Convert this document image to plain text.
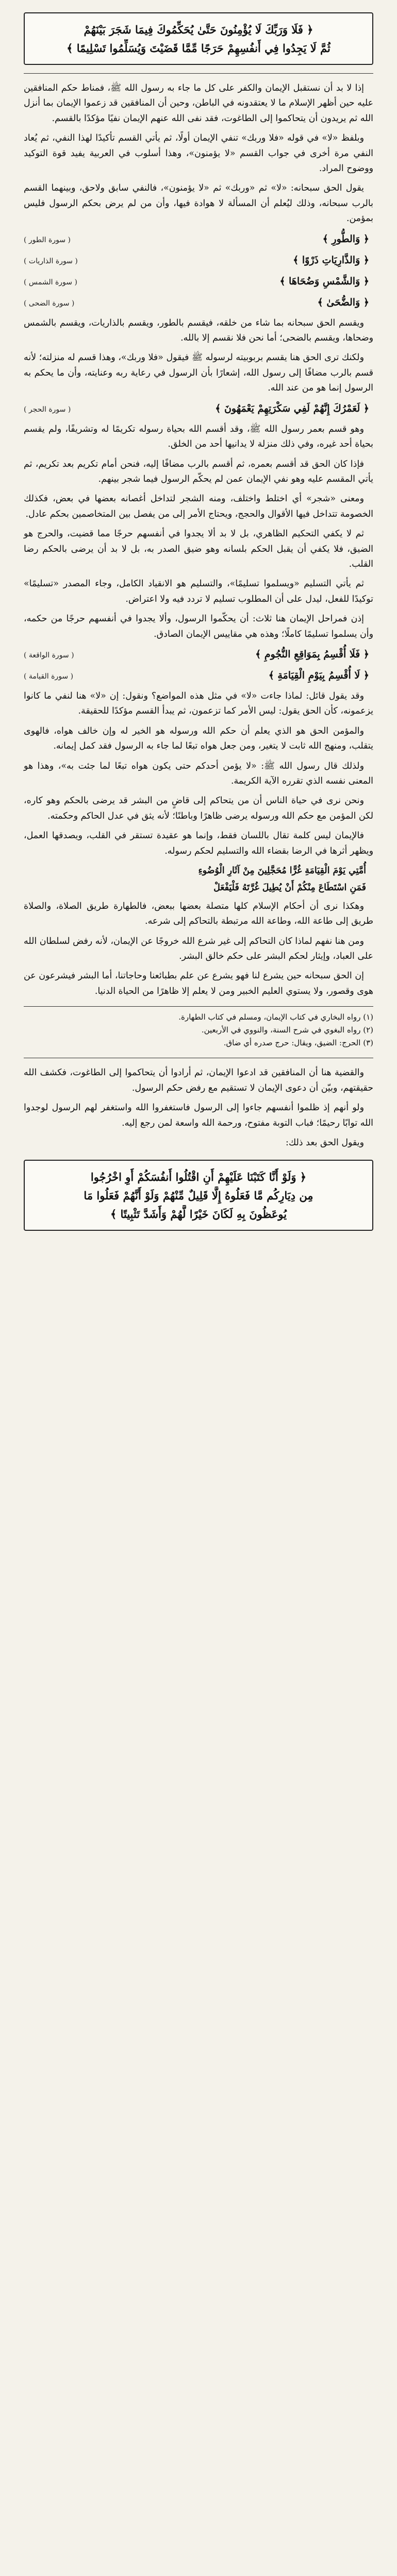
﴿ فَلَا وَرَبِّكَ لَا يُؤْمِنُونَ حَتَّىٰ يُحَكِّمُوكَ فِيمَا شَجَرَ بَيْنَهُمْ
ثُمَّ لَا يَجِدُوا فِي أَنفُسِهِمْ حَرَجًا مِّمَّا قَضَيْتَ وَيُسَلِّمُوا تَسْلِيمًا ﴾

إذا لا بد أن نستقبل الإيمان والكفر على كل ما جاء به رسول الله ﷺ، فمناط حكم المنافقين عليه حين أظهر الإسلام ما لا يعتقدونه في الباطن، وحين أن المنافقين قد زعموا الإيمان بما أنزل الله ثم يريدون أن يتحاكموا إلى الطاغوت، فقد نفى الله عنهم الإيمان نفيًا مؤكدًا بالقسم.

وبلفظ «لا» في قوله «فلا وربك» تنفي الإيمان أولًا، ثم يأتي القسم تأكيدًا لهذا النفي، ثم يُعاد النفي مرة أخرى في جواب القسم «لا يؤمنون»، وهذا أسلوب في العربية يفيد قوة التوكيد ووضوح المراد.

يقول الحق سبحانه: «لا» ثم «وربك» ثم «لا يؤمنون»، فالنفي سابق ولاحق، وبينهما القسم بالرب سبحانه، وذلك ليُعلم أن المسألة لا هوادة فيها، وأن من لم يرض بحكم الرسول فليس بمؤمن.

﴿ وَالطُّورِ ﴾
( سورة الطور )
﴿ وَالذَّارِيَاتِ ذَرْوًا ﴾
( سورة الذاريات )
﴿ وَالشَّمْسِ وَضُحَاهَا ﴾
( سورة الشمس )
﴿ وَالضُّحَىٰ ﴾
( سورة الضحى )

ويقسم الحق سبحانه بما شاء من خلقه، فيقسم بالطور، ويقسم بالذاريات، ويقسم بالشمس وضحاها، ويقسم بالضحى؛ أما نحن فلا نقسم إلا بالله.

ولكنك ترى الحق هنا يقسم بربوبيته لرسوله ﷺ فيقول «فلا وربك»، وهذا قسم له منزلته؛ لأنه قسم بالرب مضافًا إلى رسول الله، إشعارًا بأن الرسول في رعاية ربه وعنايته، وأن ما يحكم به الرسول إنما هو من عند الله.

﴿ لَعَمْرُكَ إِنَّهُمْ لَفِي سَكْرَتِهِمْ يَعْمَهُونَ ﴾
( سورة الحجر )

وهو قسم بعمر رسول الله ﷺ، وقد أقسم الله بحياة رسوله تكريمًا له وتشريفًا، ولم يقسم بحياة أحد غيره، وفي ذلك منزلة لا يدانيها أحد من الخلق.

فإذا كان الحق قد أقسم بعمره، ثم أقسم بالرب مضافًا إليه، فنحن أمام تكريم بعد تكريم، ثم يأتي المقسم عليه وهو نفي الإيمان عمن لم يحكّم الرسول فيما شجر بينهم.

ومعنى «شجر» أي اختلط واختلف، ومنه الشجر لتداخل أغصانه بعضها في بعض، فكذلك الخصومة تتداخل فيها الأقوال والحجج، ويحتاج الأمر إلى من يفصل بين المتخاصمين بحكم عادل.

ثم لا يكفي التحكيم الظاهري، بل لا بد ألا يجدوا في أنفسهم حرجًا مما قضيت، والحرج هو الضيق، فلا يكفي أن يقبل الحكم بلسانه وهو ضيق الصدر به، بل لا بد أن يرضى بالحكم رضا القلب.

ثم يأتي التسليم «ويسلموا تسليمًا»، والتسليم هو الانقياد الكامل، وجاء المصدر «تسليمًا» توكيدًا للفعل، ليدل على أن المطلوب تسليم لا تردد فيه ولا اعتراض.

إذن فمراحل الإيمان هنا ثلاث: أن يحكّموا الرسول، وألا يجدوا في أنفسهم حرجًا من حكمه، وأن يسلموا تسليمًا كاملًا؛ وهذه هي مقاييس الإيمان الصادق.

﴿ فَلَا أُقْسِمُ بِمَوَاقِعِ النُّجُومِ ﴾
( سورة الواقعة )
﴿ لَا أُقْسِمُ بِيَوْمِ الْقِيَامَةِ ﴾
( سورة القيامة )

وقد يقول قائل: لماذا جاءت «لا» في مثل هذه المواضع؟ ونقول: إن «لا» هنا لنفي ما كانوا يزعمونه، كأن الحق يقول: ليس الأمر كما تزعمون، ثم يبدأ القسم مؤكدًا للحقيقة.

والمؤمن الحق هو الذي يعلم أن حكم الله ورسوله هو الخير له وإن خالف هواه، فالهوى يتقلب، ومنهج الله ثابت لا يتغير، ومن جعل هواه تبعًا لما جاء به الرسول فقد كمل إيمانه.

ولذلك قال رسول الله ﷺ: «لا يؤمن أحدكم حتى يكون هواه تبعًا لما جئت به»، وهذا هو المعنى نفسه الذي تقرره الآية الكريمة.

ونحن نرى في حياة الناس أن من يتحاكم إلى قاضٍ من البشر قد يرضى بالحكم وهو كاره، لكن المؤمن مع حكم الله ورسوله يرضى ظاهرًا وباطنًا؛ لأنه يثق في عدل الحاكم وحكمته.

فالإيمان ليس كلمة تقال باللسان فقط، وإنما هو عقيدة تستقر في القلب، ويصدقها العمل، ويظهر أثرها في الرضا بقضاء الله والتسليم لحكم رسوله.

أُمَّتِي يَوْمَ الْقِيَامَةِ غُرًّا مُحَجَّلِينَ مِنْ آثَارِ الْوُضُوءِ
فَمَنِ اسْتَطَاعَ مِنْكُمْ أَنْ يُطِيلَ غُرَّتَهُ فَلْيَفْعَلْ

وهكذا نرى أن أحكام الإسلام كلها متصلة بعضها ببعض، فالطهارة طريق الصلاة، والصلاة طريق إلى طاعة الله، وطاعة الله مرتبطة بالتحاكم إلى شرعه.

ومن هنا نفهم لماذا كان التحاكم إلى غير شرع الله خروجًا عن الإيمان، لأنه رفض لسلطان الله على العباد، وإيثار لحكم البشر على حكم خالق البشر.

إن الحق سبحانه حين يشرع لنا فهو يشرع عن علم بطبائعنا وحاجاتنا، أما البشر فيشرعون عن هوى وقصور، ولا يستوي العليم الخبير ومن لا يعلم إلا ظاهرًا من الحياة الدنيا.

(١) رواه البخاري في كتاب الإيمان، ومسلم في كتاب الطهارة.

(٢) رواه البغوي في شرح السنة، والنووي في الأربعين.

(٣) الحرج: الضيق، ويقال: حرج صدره أي ضاق.

والقضية هنا أن المنافقين قد ادعوا الإيمان، ثم أرادوا أن يتحاكموا إلى الطاغوت، فكشف الله حقيقتهم، وبيّن أن دعوى الإيمان لا تستقيم مع رفض حكم الرسول.

ولو أنهم إذ ظلموا أنفسهم جاءوا إلى الرسول فاستغفروا الله واستغفر لهم الرسول لوجدوا الله توابًا رحيمًا؛ فباب التوبة مفتوح، ورحمة الله واسعة لمن رجع إليه.

ويقول الحق بعد ذلك:

﴿ وَلَوْ أَنَّا كَتَبْنَا عَلَيْهِمْ أَنِ اقْتُلُوا أَنفُسَكُمْ أَوِ اخْرُجُوا
مِن دِيَارِكُم مَّا فَعَلُوهُ إِلَّا قَلِيلٌ مِّنْهُمْ وَلَوْ أَنَّهُمْ فَعَلُوا مَا
يُوعَظُونَ بِهِ لَكَانَ خَيْرًا لَّهُمْ وَأَشَدَّ تَثْبِيتًا ﴾
